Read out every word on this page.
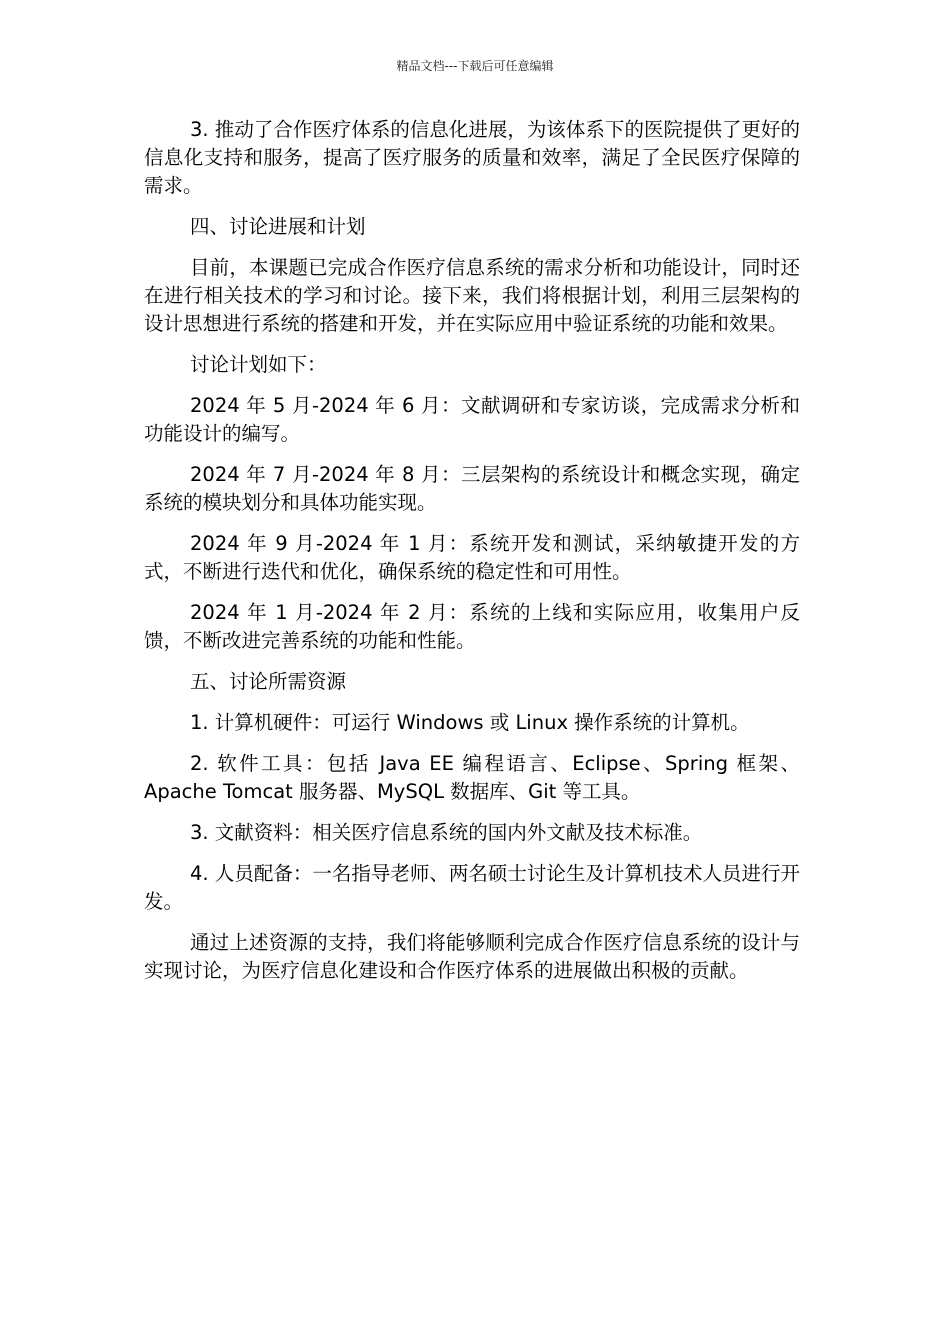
精品文档---下载后可任意编辑

3. 推动了合作医疗体系的信息化进展，为该体系下的医院提供了更好的信息化支持和服务，提高了医疗服务的质量和效率，满足了全民医疗保障的需求。

四、讨论进展和计划

目前，本课题已完成合作医疗信息系统的需求分析和功能设计，同时还在进行相关技术的学习和讨论。接下来，我们将根据计划，利用三层架构的设计思想进行系统的搭建和开发，并在实际应用中验证系统的功能和效果。

讨论计划如下：

2024 年 5 月-2024 年 6 月：文献调研和专家访谈，完成需求分析和功能设计的编写。

2024 年 7 月-2024 年 8 月：三层架构的系统设计和概念实现，确定系统的模块划分和具体功能实现。

2024 年 9 月-2024 年 1 月：系统开发和测试，采纳敏捷开发的方式，不断进行迭代和优化，确保系统的稳定性和可用性。

2024 年 1 月-2024 年 2 月：系统的上线和实际应用，收集用户反馈，不断改进完善系统的功能和性能。

五、讨论所需资源

1. 计算机硬件：可运行 Windows 或 Linux 操作系统的计算机。

2. 软件工具：包括 Java EE 编程语言、Eclipse、Spring 框架、Apache Tomcat 服务器、MySQL 数据库、Git 等工具。

3. 文献资料：相关医疗信息系统的国内外文献及技术标准。

4. 人员配备：一名指导老师、两名硕士讨论生及计算机技术人员进行开发。

通过上述资源的支持，我们将能够顺利完成合作医疗信息系统的设计与实现讨论，为医疗信息化建设和合作医疗体系的进展做出积极的贡献。
